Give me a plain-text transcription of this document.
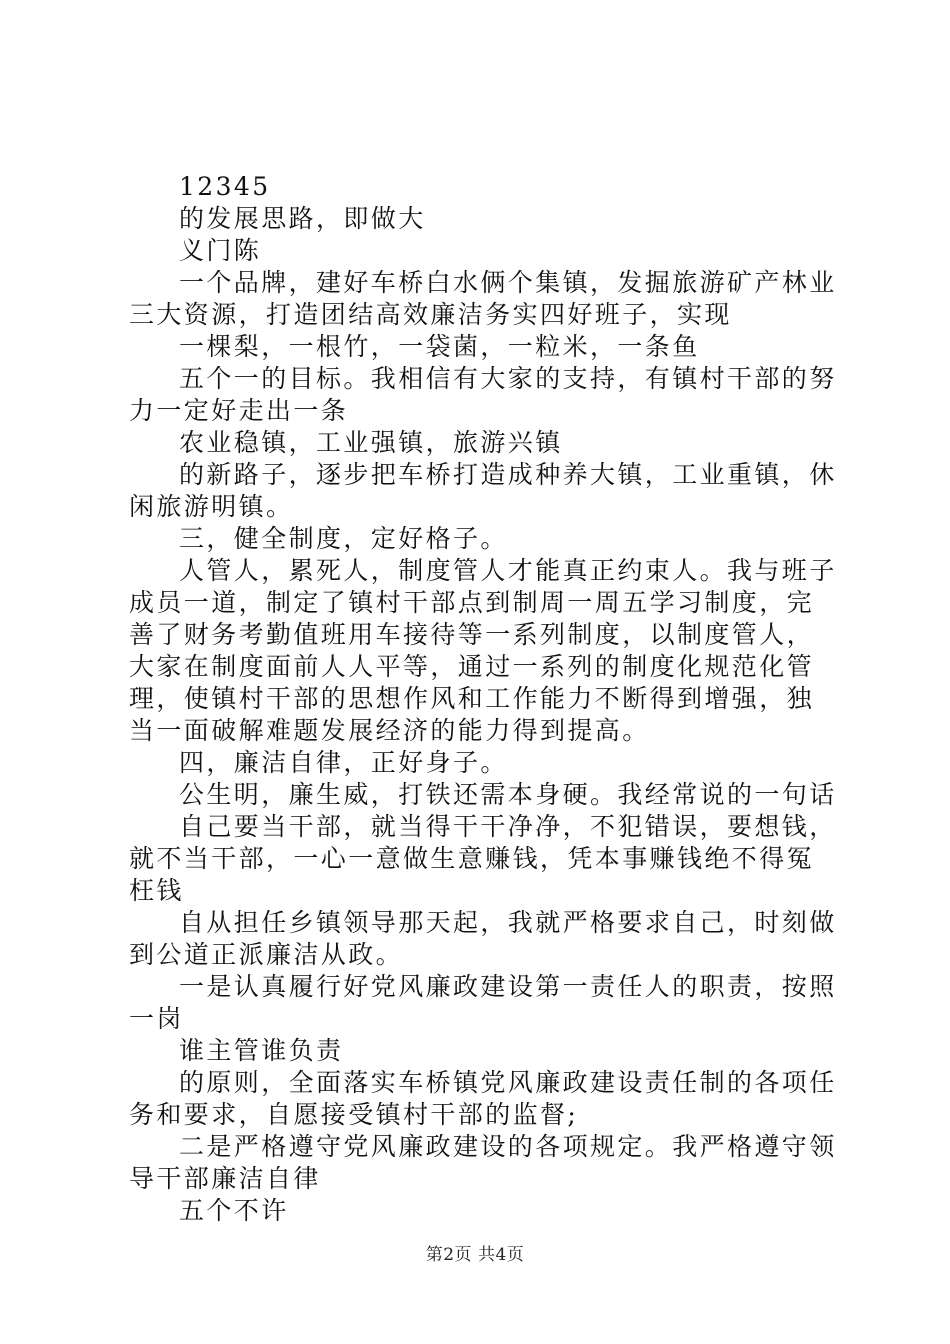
12345

的发展思路，即做大

义门陈

一个品牌，建好车桥白水俩个集镇，发掘旅游矿产林业三大资源，打造团结高效廉洁务实四好班子，实现

一棵梨，一根竹，一袋菌，一粒米，一条鱼

五个一的目标。我相信有大家的支持，有镇村干部的努力一定好走出一条

农业稳镇，工业强镇，旅游兴镇

的新路子，逐步把车桥打造成种养大镇，工业重镇，休闲旅游明镇。

三，健全制度，定好格子。

人管人，累死人，制度管人才能真正约束人。我与班子成员一道，制定了镇村干部点到制周一周五学习制度，完善了财务考勤值班用车接待等一系列制度，以制度管人，大家在制度面前人人平等，通过一系列的制度化规范化管理，使镇村干部的思想作风和工作能力不断得到增强，独当一面破解难题发展经济的能力得到提高。

四，廉洁自律，正好身子。

公生明，廉生威，打铁还需本身硬。我经常说的一句话

自己要当干部，就当得干干净净，不犯错误，要想钱，就不当干部，一心一意做生意赚钱，凭本事赚钱绝不得冤枉钱

自从担任乡镇领导那天起，我就严格要求自己，时刻做到公道正派廉洁从政。

一是认真履行好党风廉政建设第一责任人的职责，按照一岗

谁主管谁负责

的原则，全面落实车桥镇党风廉政建设责任制的各项任务和要求，自愿接受镇村干部的监督;

二是严格遵守党风廉政建设的各项规定。我严格遵守领导干部廉洁自律

五个不许

第2页 共4页
